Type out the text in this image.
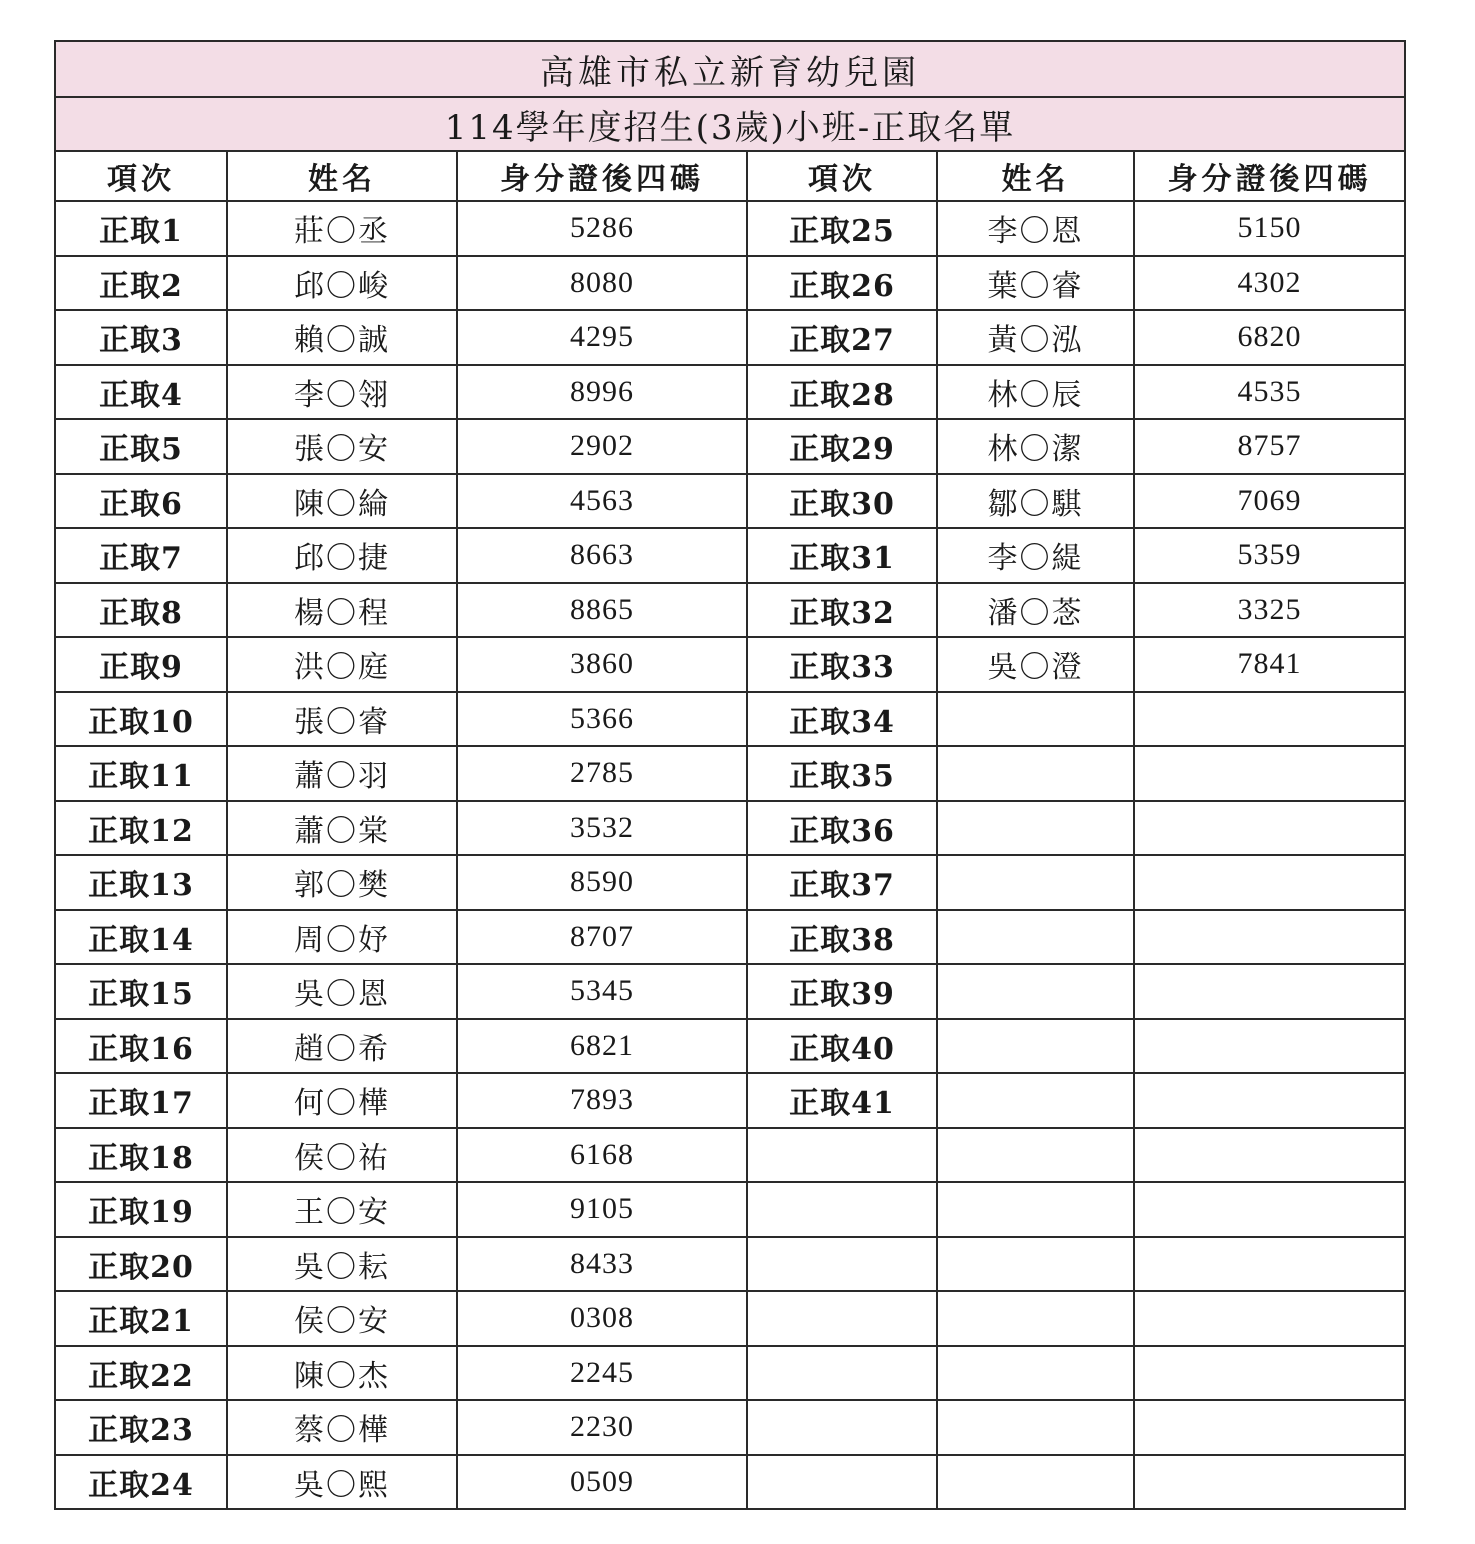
高雄市私立新育幼兒園					
114學年度招生(3歲)小班-正取名單					
項次	姓名	身分證後四碼	項次	姓名	身分證後四碼
正取1	莊〇丞	5286	正取25	李〇恩	5150
正取2	邱〇峻	8080	正取26	葉〇睿	4302
正取3	賴〇誠	4295	正取27	黃〇泓	6820
正取4	李〇翎	8996	正取28	林〇辰	4535
正取5	張〇安	2902	正取29	林〇潔	8757
正取6	陳〇綸	4563	正取30	鄒〇騏	7069
正取7	邱〇捷	8663	正取31	李〇緹	5359
正取8	楊〇程	8865	正取32	潘〇菍	3325
正取9	洪〇庭	3860	正取33	吳〇澄	7841
正取10	張〇睿	5366	正取34		
正取11	蕭〇羽	2785	正取35		
正取12	蕭〇棠	3532	正取36		
正取13	郭〇樊	8590	正取37		
正取14	周〇妤	8707	正取38		
正取15	吳〇恩	5345	正取39		
正取16	趙〇希	6821	正取40		
正取17	何〇樺	7893	正取41		
正取18	侯〇祐	6168			
正取19	王〇安	9105			
正取20	吳〇耘	8433			
正取21	侯〇安	0308			
正取22	陳〇杰	2245			
正取23	蔡〇樺	2230			
正取24	吳〇熙	0509			
